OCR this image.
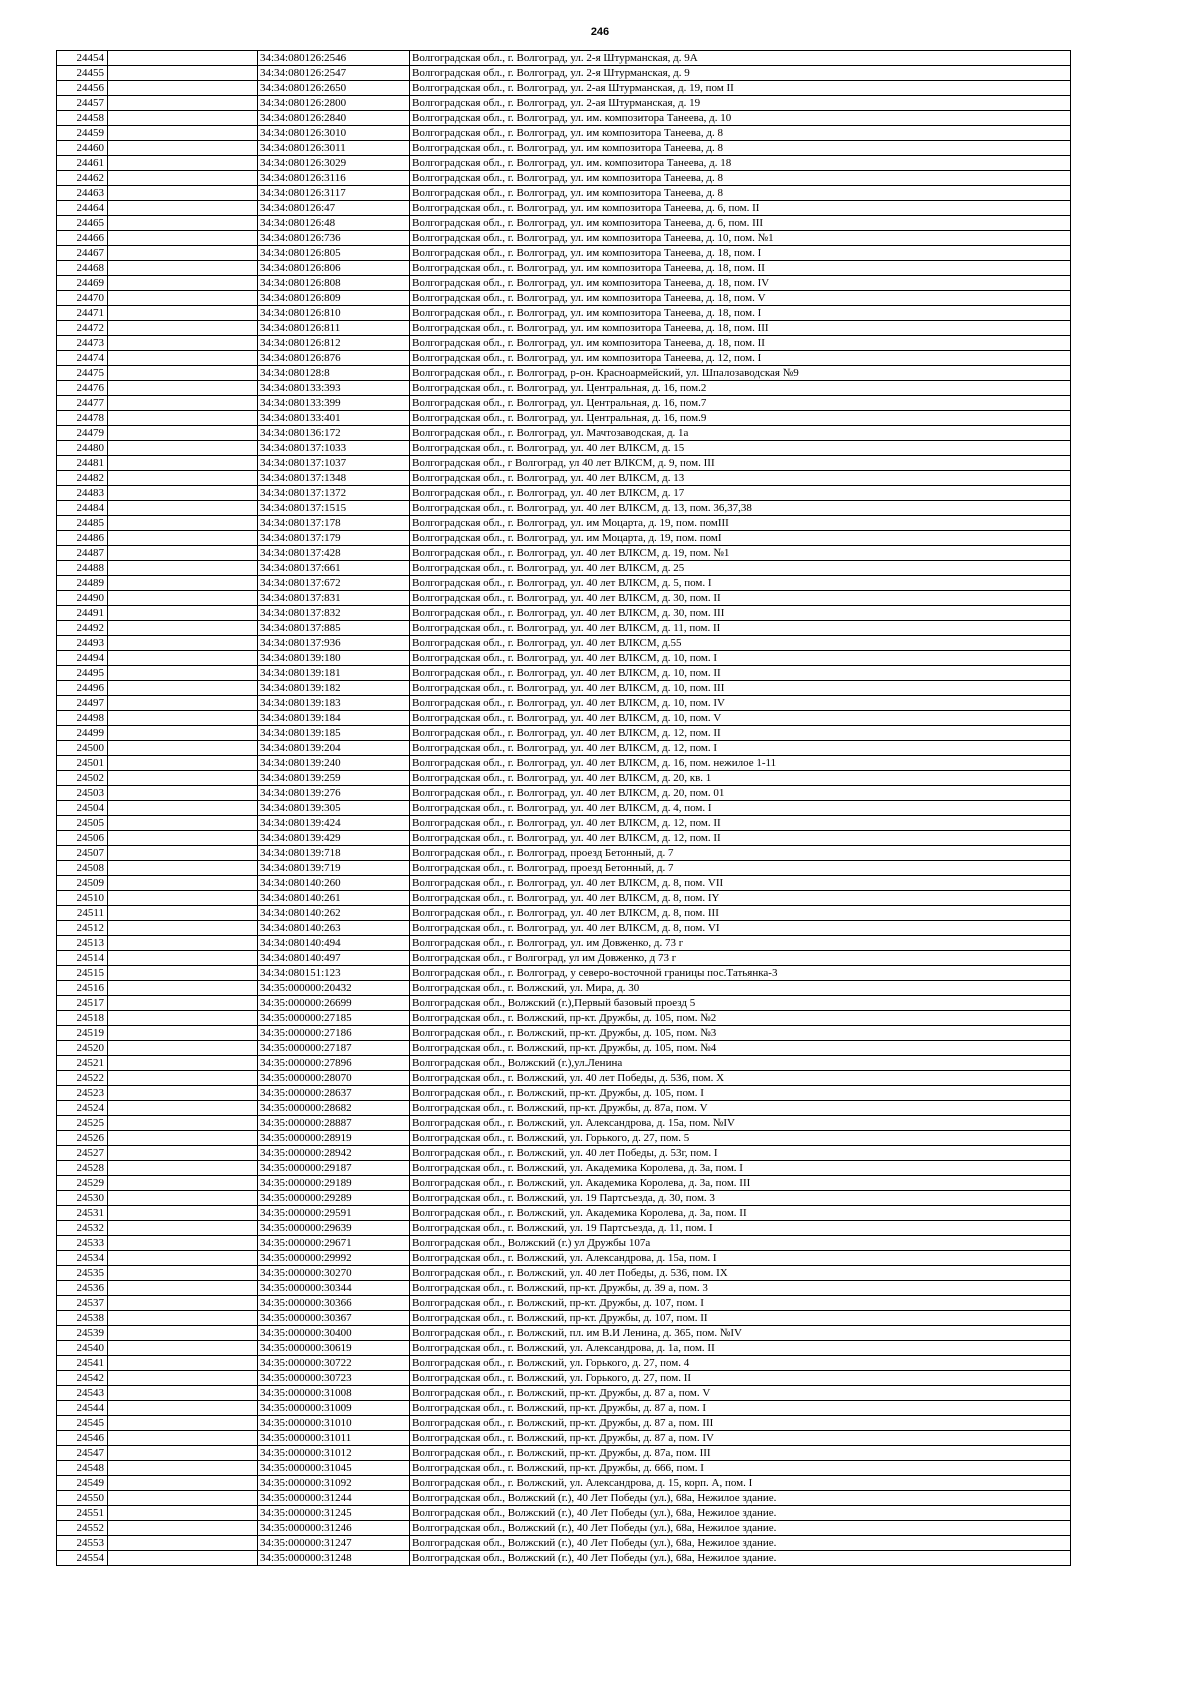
246
24454		34:34:080126:2546	Волгоградская обл., г. Волгоград, ул. 2-я Штурманская, д. 9А
24455		34:34:080126:2547	Волгоградская обл., г. Волгоград, ул. 2-я Штурманская, д. 9
24456		34:34:080126:2650	Волгоградская обл., г. Волгоград, ул. 2-ая Штурманская, д. 19, пом II
24457		34:34:080126:2800	Волгоградская обл., г. Волгоград, ул. 2-ая Штурманская, д. 19
24458		34:34:080126:2840	Волгоградская обл., г. Волгоград, ул. им. композитора Танеева, д. 10
24459		34:34:080126:3010	Волгоградская обл., г. Волгоград, ул. им композитора Танеева, д. 8
24460		34:34:080126:3011	Волгоградская обл., г. Волгоград, ул. им композитора Танеева, д. 8
24461		34:34:080126:3029	Волгоградская обл., г. Волгоград, ул. им. композитора Танеева, д. 18
24462		34:34:080126:3116	Волгоградская обл., г. Волгоград, ул. им композитора Танеева, д. 8
24463		34:34:080126:3117	Волгоградская обл., г. Волгоград, ул. им композитора Танеева, д. 8
24464		34:34:080126:47	Волгоградская обл., г. Волгоград, ул. им композитора Танеева, д. 6, пом. II
24465		34:34:080126:48	Волгоградская обл., г. Волгоград, ул. им композитора Танеева, д. 6, пом. III
24466		34:34:080126:736	Волгоградская обл., г. Волгоград, ул. им композитора Танеева, д. 10, пом. №1
24467		34:34:080126:805	Волгоградская обл., г. Волгоград, ул. им композитора Танеева, д. 18, пом. I
24468		34:34:080126:806	Волгоградская обл., г. Волгоград, ул. им композитора Танеева, д. 18, пом. II
24469		34:34:080126:808	Волгоградская обл., г. Волгоград, ул. им композитора Танеева, д. 18, пом. IV
24470		34:34:080126:809	Волгоградская обл., г. Волгоград, ул. им композитора Танеева, д. 18, пом. V
24471		34:34:080126:810	Волгоградская обл., г. Волгоград, ул. им композитора Танеева, д. 18, пом. I
24472		34:34:080126:811	Волгоградская обл., г. Волгоград, ул. им композитора Танеева, д. 18, пом. III
24473		34:34:080126:812	Волгоградская обл., г. Волгоград, ул. им композитора Танеева, д. 18, пом. II
24474		34:34:080126:876	Волгоградская обл., г. Волгоград, ул. им композитора Танеева, д. 12, пом. I
24475		34:34:080128:8	Волгоградская обл., г. Волгоград, р-он. Красноармейский, ул. Шпалозаводская №9
24476		34:34:080133:393	Волгоградская обл., г. Волгоград, ул. Центральная, д. 16, пом.2
24477		34:34:080133:399	Волгоградская обл., г. Волгоград, ул. Центральная, д. 16, пом.7
24478		34:34:080133:401	Волгоградская обл., г. Волгоград, ул. Центральная, д. 16, пом.9
24479		34:34:080136:172	Волгоградская обл., г. Волгоград, ул. Мачтозаводская, д. 1а
24480		34:34:080137:1033	Волгоградская обл., г. Волгоград, ул. 40 лет ВЛКСМ, д. 15
24481		34:34:080137:1037	Волгоградская обл., г Волгоград, ул 40 лет ВЛКСМ, д. 9, пом. III
24482		34:34:080137:1348	Волгоградская обл., г. Волгоград, ул. 40 лет ВЛКСМ, д. 13
24483		34:34:080137:1372	Волгоградская обл., г. Волгоград, ул. 40 лет ВЛКСМ, д. 17
24484		34:34:080137:1515	Волгоградская обл., г. Волгоград, ул. 40 лет ВЛКСМ, д. 13, пом. 36,37,38
24485		34:34:080137:178	Волгоградская обл., г. Волгоград, ул. им Моцарта, д. 19, пом. помIII
24486		34:34:080137:179	Волгоградская обл., г. Волгоград, ул. им Моцарта, д. 19, пом. помI
24487		34:34:080137:428	Волгоградская обл., г. Волгоград, ул. 40 лет ВЛКСМ, д. 19, пом. №1
24488		34:34:080137:661	Волгоградская обл., г. Волгоград, ул. 40 лет ВЛКСМ, д. 25
24489		34:34:080137:672	Волгоградская обл., г. Волгоград, ул. 40 лет ВЛКСМ, д. 5, пом. I
24490		34:34:080137:831	Волгоградская обл., г. Волгоград, ул. 40 лет ВЛКСМ, д. 30, пом. II
24491		34:34:080137:832	Волгоградская обл., г. Волгоград, ул. 40 лет ВЛКСМ, д. 30, пом. III
24492		34:34:080137:885	Волгоградская обл., г. Волгоград, ул. 40 лет ВЛКСМ, д. 11, пом. II
24493		34:34:080137:936	Волгоградская обл., г. Волгоград, ул. 40 лет ВЛКСМ, д.55
24494		34:34:080139:180	Волгоградская обл., г. Волгоград, ул. 40 лет ВЛКСМ, д. 10, пом. I
24495		34:34:080139:181	Волгоградская обл., г. Волгоград, ул. 40 лет ВЛКСМ, д. 10, пом. II
24496		34:34:080139:182	Волгоградская обл., г. Волгоград, ул. 40 лет ВЛКСМ, д. 10, пом. III
24497		34:34:080139:183	Волгоградская обл., г. Волгоград, ул. 40 лет ВЛКСМ, д. 10, пом. IV
24498		34:34:080139:184	Волгоградская обл., г. Волгоград, ул. 40 лет ВЛКСМ, д. 10, пом. V
24499		34:34:080139:185	Волгоградская обл., г. Волгоград, ул. 40 лет ВЛКСМ, д. 12, пом. II
24500		34:34:080139:204	Волгоградская обл., г. Волгоград, ул. 40 лет ВЛКСМ, д. 12, пом. I
24501		34:34:080139:240	Волгоградская обл., г. Волгоград, ул. 40 лет ВЛКСМ, д. 16, пом. нежилое 1-11
24502		34:34:080139:259	Волгоградская обл., г. Волгоград, ул. 40 лет ВЛКСМ, д. 20, кв. 1
24503		34:34:080139:276	Волгоградская обл., г. Волгоград, ул. 40 лет ВЛКСМ, д. 20, пом. 01
24504		34:34:080139:305	Волгоградская обл., г. Волгоград, ул. 40 лет ВЛКСМ, д. 4, пом. I
24505		34:34:080139:424	Волгоградская обл., г. Волгоград, ул. 40 лет ВЛКСМ, д. 12, пом. II
24506		34:34:080139:429	Волгоградская обл., г. Волгоград, ул. 40 лет ВЛКСМ, д. 12, пом. II
24507		34:34:080139:718	Волгоградская обл., г. Волгоград, проезд Бетонный, д. 7
24508		34:34:080139:719	Волгоградская обл., г. Волгоград, проезд Бетонный, д. 7
24509		34:34:080140:260	Волгоградская обл., г. Волгоград, ул. 40 лет ВЛКСМ, д. 8, пом. VII
24510		34:34:080140:261	Волгоградская обл., г. Волгоград, ул. 40 лет ВЛКСМ, д. 8, пом. IY
24511		34:34:080140:262	Волгоградская обл., г. Волгоград, ул. 40 лет ВЛКСМ, д. 8, пом. III
24512		34:34:080140:263	Волгоградская обл., г. Волгоград, ул. 40 лет ВЛКСМ, д. 8, пом. VI
24513		34:34:080140:494	Волгоградская обл., г. Волгоград, ул. им Довженко, д. 73 г
24514		34:34:080140:497	Волгоградская обл., г Волгоград, ул им Довженко, д 73 г
24515		34:34:080151:123	Волгоградская обл., г. Волгоград, у северо-восточной границы пос.Татьянка-3
24516		34:35:000000:20432	Волгоградская обл., г. Волжский, ул. Мира, д. 30
24517		34:35:000000:26699	Волгоградская обл., Волжский (г.),Первый базовый проезд 5
24518		34:35:000000:27185	Волгоградская обл., г. Волжский, пр-кт. Дружбы, д. 105, пом. №2
24519		34:35:000000:27186	Волгоградская обл., г. Волжский, пр-кт. Дружбы, д. 105, пом. №3
24520		34:35:000000:27187	Волгоградская обл., г. Волжский, пр-кт. Дружбы, д. 105, пом. №4
24521		34:35:000000:27896	Волгоградская обл., Волжский (г.),ул.Ленина
24522		34:35:000000:28070	Волгоградская обл., г. Волжский, ул. 40 лет Победы, д. 536, пом. X
24523		34:35:000000:28637	Волгоградская обл., г. Волжский, пр-кт. Дружбы, д. 105, пом. I
24524		34:35:000000:28682	Волгоградская обл., г. Волжский, пр-кт. Дружбы, д. 87а, пом. V
24525		34:35:000000:28887	Волгоградская обл., г. Волжский, ул. Александрова, д. 15а, пом. №IV
24526		34:35:000000:28919	Волгоградская обл., г. Волжский, ул. Горького, д. 27, пом. 5
24527		34:35:000000:28942	Волгоградская обл., г. Волжский, ул. 40 лет Победы, д. 53г, пом. I
24528		34:35:000000:29187	Волгоградская обл., г. Волжский, ул. Академика Королева, д. 3а, пом. I
24529		34:35:000000:29189	Волгоградская обл., г. Волжский, ул. Академика Королева, д. 3а, пом. III
24530		34:35:000000:29289	Волгоградская обл., г. Волжский, ул. 19 Партсъезда, д. 30, пом. 3
24531		34:35:000000:29591	Волгоградская обл., г. Волжский, ул. Академика Королева, д. 3а, пом. II
24532		34:35:000000:29639	Волгоградская обл., г. Волжский, ул. 19 Партсъезда, д. 11, пом. I
24533		34:35:000000:29671	Волгоградская обл., Волжский (г.) ул Дружбы 107а
24534		34:35:000000:29992	Волгоградская обл., г. Волжский, ул. Александрова, д. 15а, пом. I
24535		34:35:000000:30270	Волгоградская обл., г. Волжский, ул. 40 лет Победы, д. 536, пом. IX
24536		34:35:000000:30344	Волгоградская обл., г. Волжский, пр-кт. Дружбы, д. 39 а, пом. 3
24537		34:35:000000:30366	Волгоградская обл., г. Волжский, пр-кт. Дружбы, д. 107, пом. I
24538		34:35:000000:30367	Волгоградская обл., г. Волжский, пр-кт. Дружбы, д. 107, пом. II
24539		34:35:000000:30400	Волгоградская обл., г. Волжский, пл. им В.И Ленина, д. 365, пом. №IV
24540		34:35:000000:30619	Волгоградская обл., г. Волжский, ул. Александрова, д. 1а, пом. II
24541		34:35:000000:30722	Волгоградская обл., г. Волжский, ул. Горького, д. 27, пом. 4
24542		34:35:000000:30723	Волгоградская обл., г. Волжский, ул. Горького, д. 27, пом. II
24543		34:35:000000:31008	Волгоградская обл., г. Волжский, пр-кт. Дружбы, д. 87 а, пом. V
24544		34:35:000000:31009	Волгоградская обл., г. Волжский, пр-кт. Дружбы, д. 87 а, пом. I
24545		34:35:000000:31010	Волгоградская обл., г. Волжский, пр-кт. Дружбы, д. 87 а, пом. III
24546		34:35:000000:31011	Волгоградская обл., г. Волжский, пр-кт. Дружбы, д. 87 а, пом. IV
24547		34:35:000000:31012	Волгоградская обл., г. Волжский, пр-кт. Дружбы, д. 87а, пом. III
24548		34:35:000000:31045	Волгоградская обл., г. Волжский, пр-кт. Дружбы, д. 666, пом. I
24549		34:35:000000:31092	Волгоградская обл., г. Волжский, ул. Александрова, д. 15, корп. А, пом. I
24550		34:35:000000:31244	Волгоградская обл., Волжский (г.), 40 Лет Победы (ул.), 68а, Нежилое здание.
24551		34:35:000000:31245	Волгоградская обл., Волжский (г.), 40 Лет Победы (ул.), 68а, Нежилое здание.
24552		34:35:000000:31246	Волгоградская обл., Волжский (г.), 40 Лет Победы (ул.), 68а, Нежилое здание.
24553		34:35:000000:31247	Волгоградская обл., Волжский (г.), 40 Лет Победы (ул.), 68а, Нежилое здание.
24554		34:35:000000:31248	Волгоградская обл., Волжский (г.), 40 Лет Победы (ул.), 68а, Нежилое здание.
